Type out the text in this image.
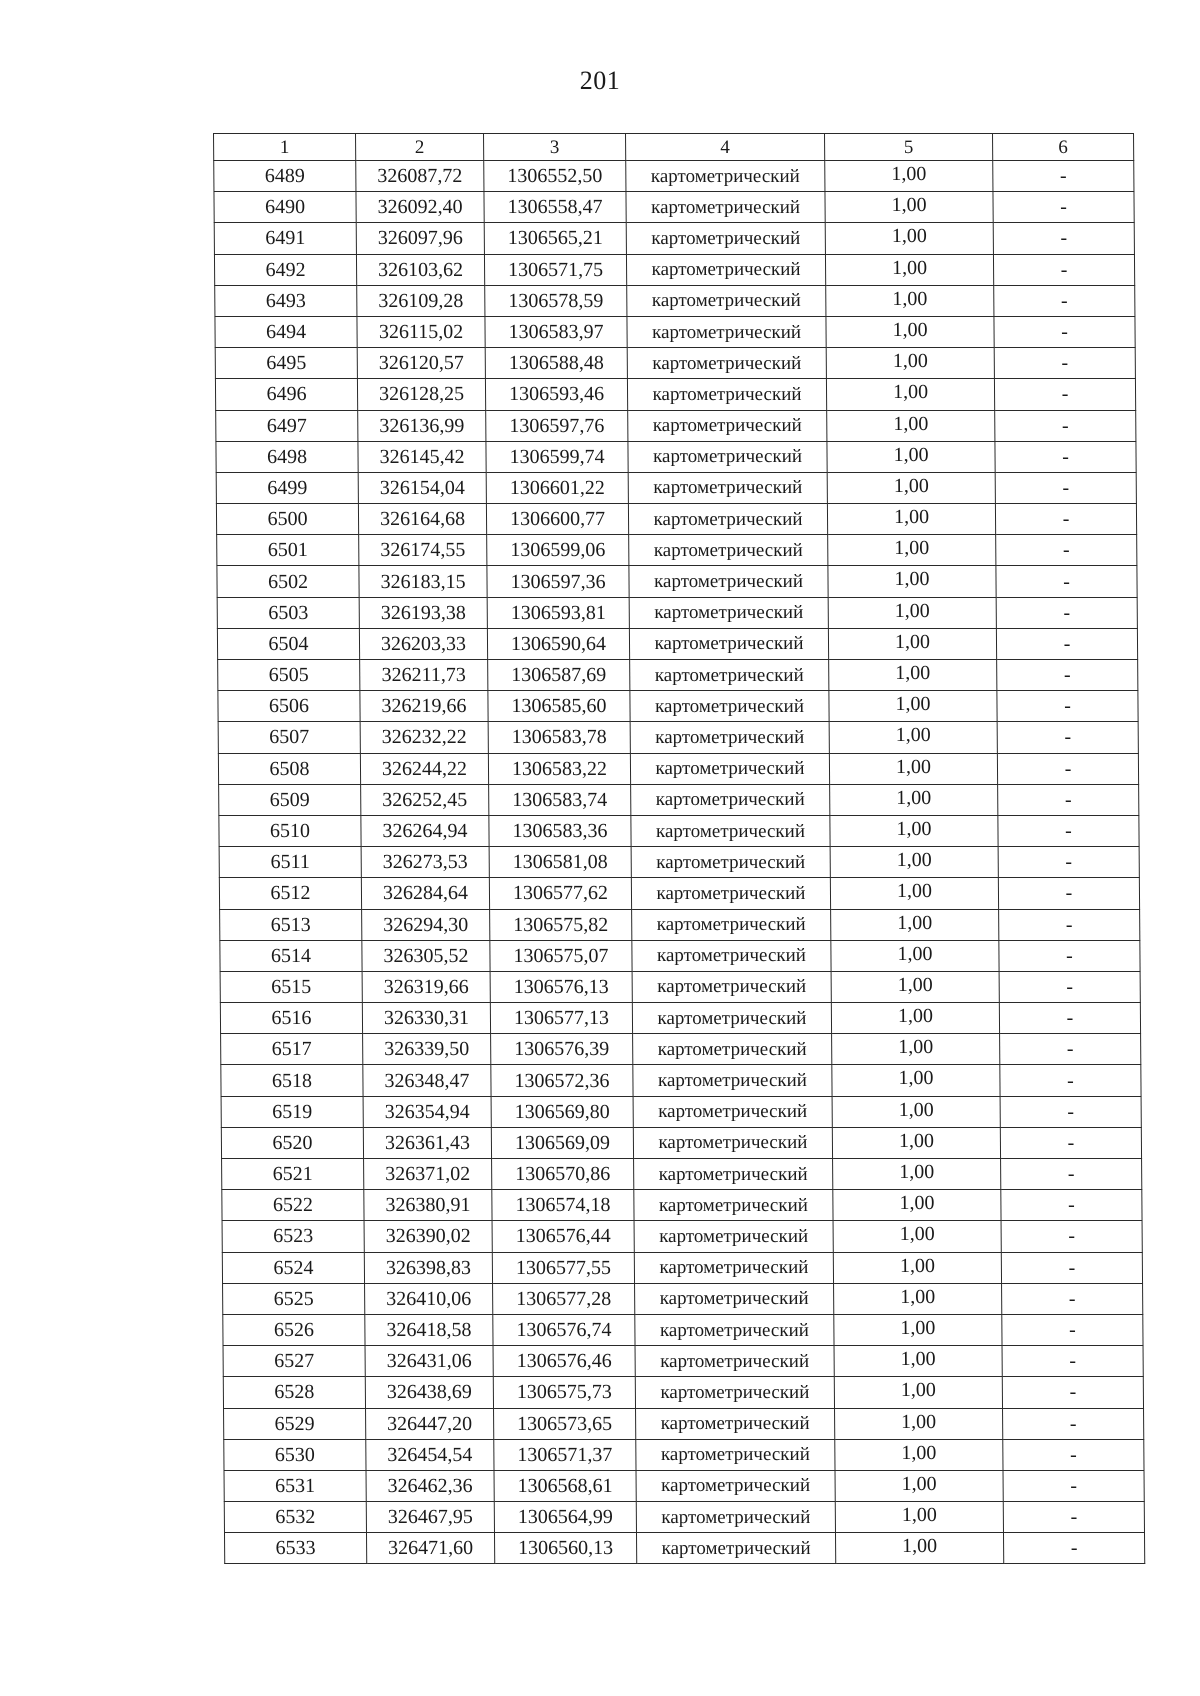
201
1	2	3	4	5	6
6489	326087,72	1306552,50	картометрический	1,00	-
6490	326092,40	1306558,47	картометрический	1,00	-
6491	326097,96	1306565,21	картометрический	1,00	-
6492	326103,62	1306571,75	картометрический	1,00	-
6493	326109,28	1306578,59	картометрический	1,00	-
6494	326115,02	1306583,97	картометрический	1,00	-
6495	326120,57	1306588,48	картометрический	1,00	-
6496	326128,25	1306593,46	картометрический	1,00	-
6497	326136,99	1306597,76	картометрический	1,00	-
6498	326145,42	1306599,74	картометрический	1,00	-
6499	326154,04	1306601,22	картометрический	1,00	-
6500	326164,68	1306600,77	картометрический	1,00	-
6501	326174,55	1306599,06	картометрический	1,00	-
6502	326183,15	1306597,36	картометрический	1,00	-
6503	326193,38	1306593,81	картометрический	1,00	-
6504	326203,33	1306590,64	картометрический	1,00	-
6505	326211,73	1306587,69	картометрический	1,00	-
6506	326219,66	1306585,60	картометрический	1,00	-
6507	326232,22	1306583,78	картометрический	1,00	-
6508	326244,22	1306583,22	картометрический	1,00	-
6509	326252,45	1306583,74	картометрический	1,00	-
6510	326264,94	1306583,36	картометрический	1,00	-
6511	326273,53	1306581,08	картометрический	1,00	-
6512	326284,64	1306577,62	картометрический	1,00	-
6513	326294,30	1306575,82	картометрический	1,00	-
6514	326305,52	1306575,07	картометрический	1,00	-
6515	326319,66	1306576,13	картометрический	1,00	-
6516	326330,31	1306577,13	картометрический	1,00	-
6517	326339,50	1306576,39	картометрический	1,00	-
6518	326348,47	1306572,36	картометрический	1,00	-
6519	326354,94	1306569,80	картометрический	1,00	-
6520	326361,43	1306569,09	картометрический	1,00	-
6521	326371,02	1306570,86	картометрический	1,00	-
6522	326380,91	1306574,18	картометрический	1,00	-
6523	326390,02	1306576,44	картометрический	1,00	-
6524	326398,83	1306577,55	картометрический	1,00	-
6525	326410,06	1306577,28	картометрический	1,00	-
6526	326418,58	1306576,74	картометрический	1,00	-
6527	326431,06	1306576,46	картометрический	1,00	-
6528	326438,69	1306575,73	картометрический	1,00	-
6529	326447,20	1306573,65	картометрический	1,00	-
6530	326454,54	1306571,37	картометрический	1,00	-
6531	326462,36	1306568,61	картометрический	1,00	-
6532	326467,95	1306564,99	картометрический	1,00	-
6533	326471,60	1306560,13	картометрический	1,00	-
